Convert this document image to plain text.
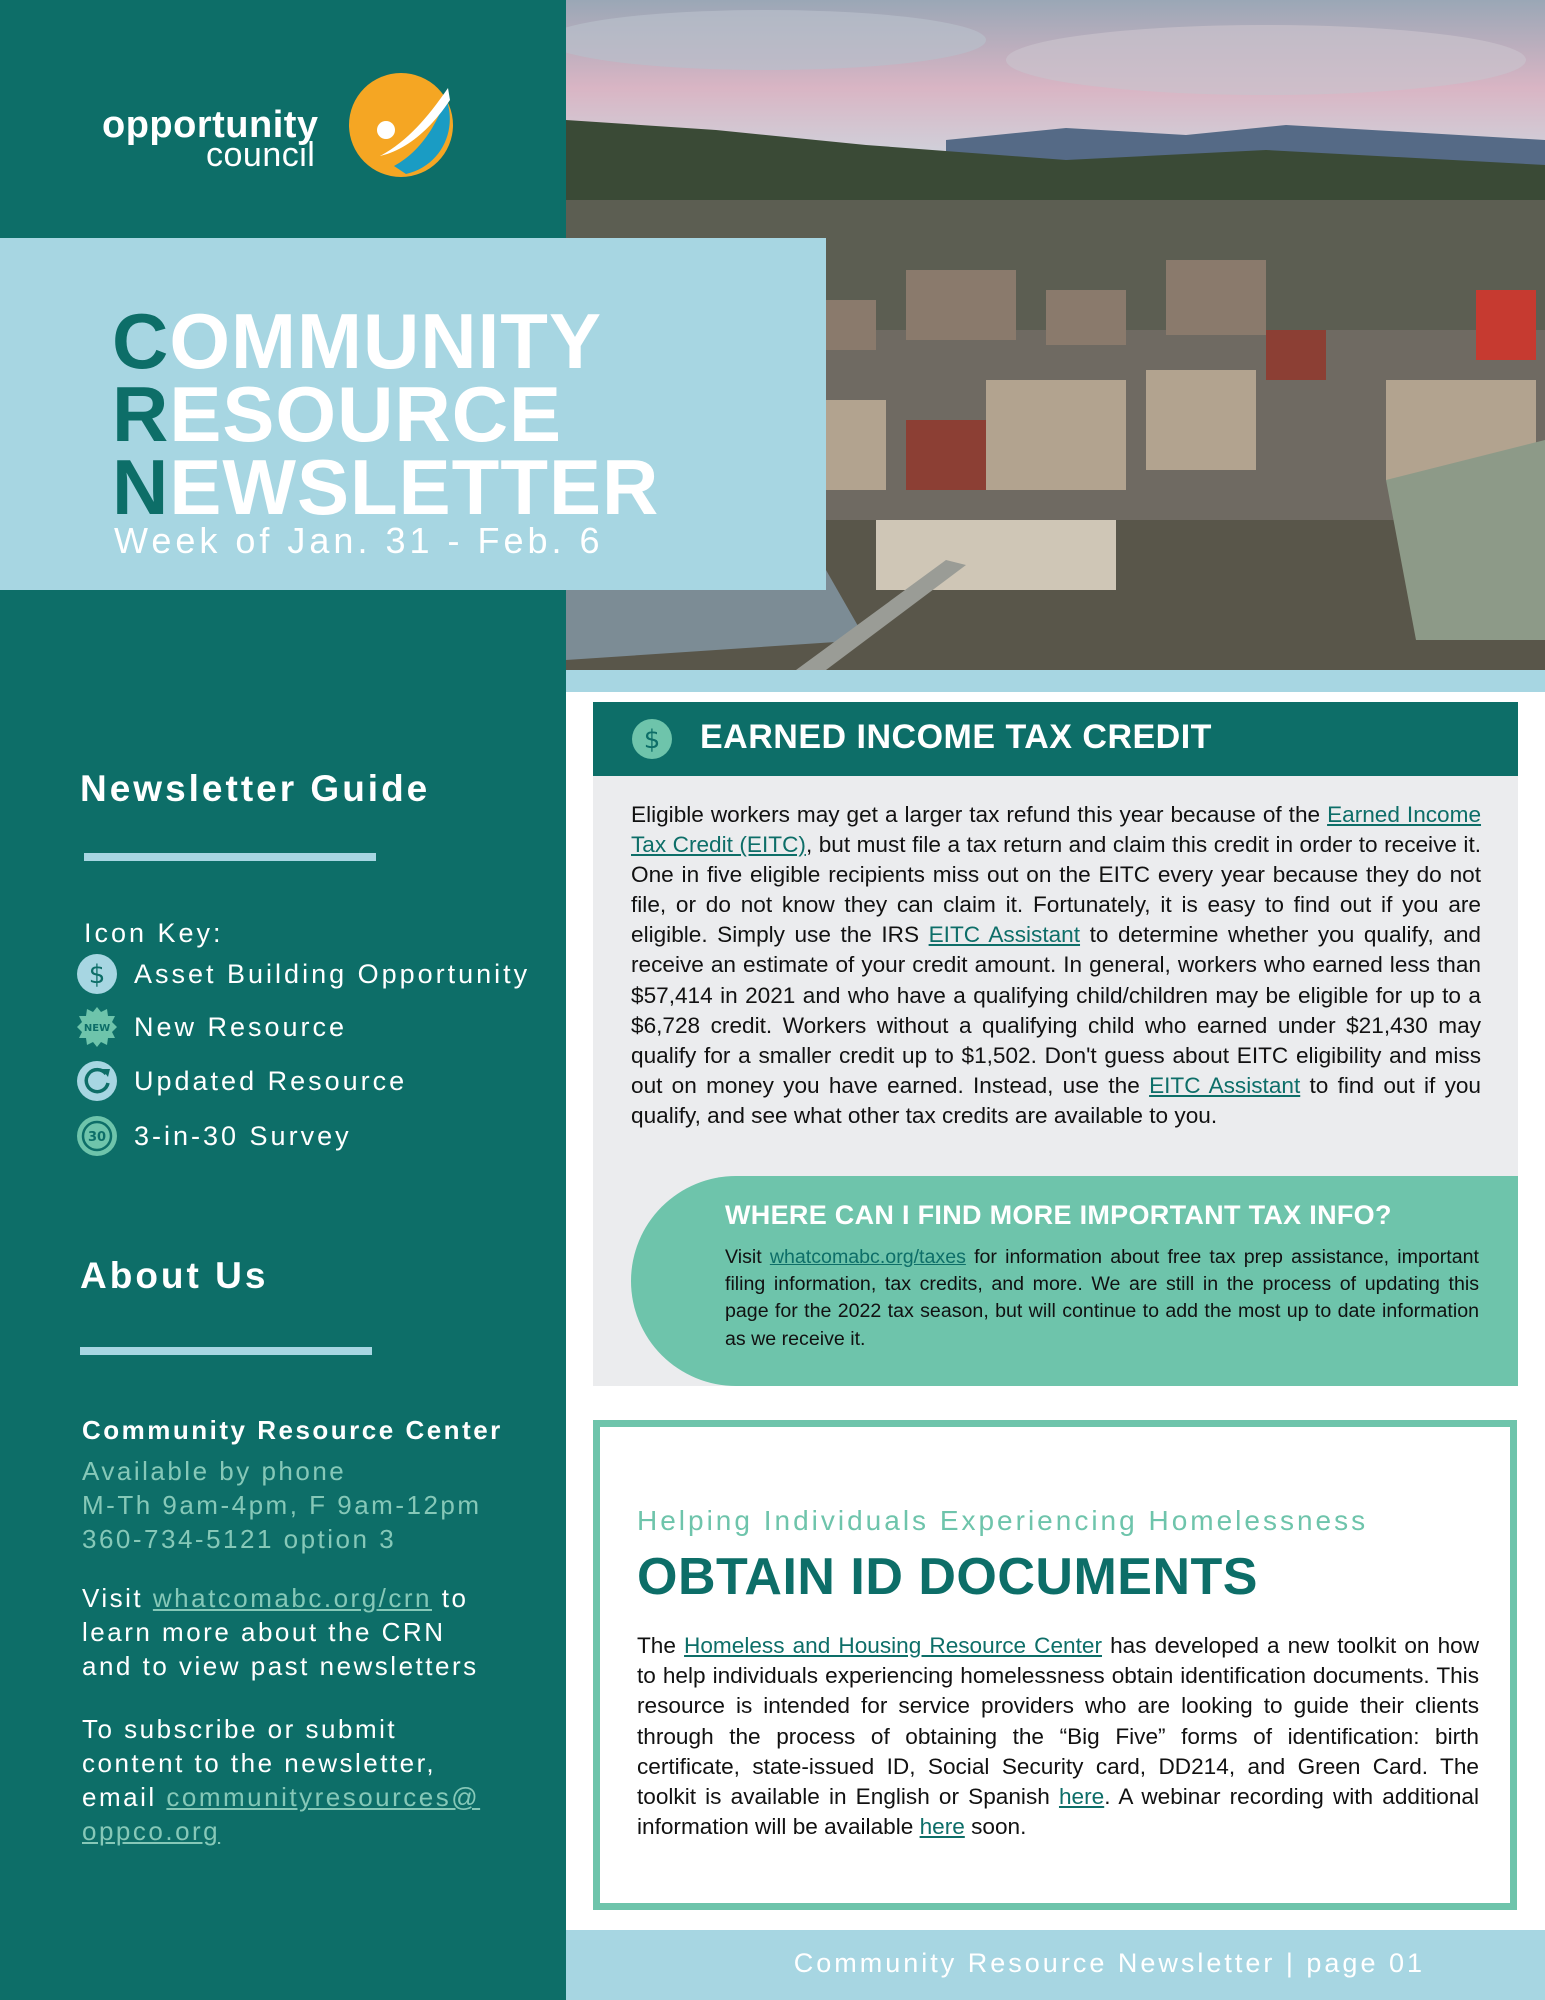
opportunity
council
Newsletter Guide
Icon Key:
$ Asset Building Opportunity
NEW New Resource
Updated Resource
30 3-in-30 Survey
About Us
Community Resource Center
Available by phone
M-Th 9am-4pm, F 9am-12pm
360-734-5121 option 3
Visit whatcomabc.org/crn to
learn more about the CRN
and to view past newsletters
To subscribe or submit
content to the newsletter,
email communityresources@
oppco.org
COMMUNITY
RESOURCE
NEWSLETTER
Week of Jan. 31 - Feb. 6
$ EARNED INCOME TAX CREDIT

Eligible workers may get a larger tax refund this year because of the Earned Income Tax Credit (EITC), but must file a tax return and claim this credit in order to receive it. One in five eligible recipients miss out on the EITC every year because they do not file, or do not know they can claim it. Fortunately, it is easy to find out if you are eligible. Simply use the IRS EITC Assistant to determine whether you qualify, and receive an estimate of your credit amount. In general, workers who earned less than $57,414 in 2021 and who have a qualifying child/children may be eligible for up to a $6,728 credit. Workers without a qualifying child who earned under $21,430 may qualify for a smaller credit up to $1,502. Don't guess about EITC eligibility and miss out on money you have earned. Instead, use the EITC Assistant to find out if you qualify, and see what other tax credits are available to you.

WHERE CAN I FIND MORE IMPORTANT TAX INFO?

Visit whatcomabc.org/taxes for information about free tax prep assistance, important filing information, tax credits, and more. We are still in the process of updating this page for the 2022 tax season, but will continue to add the most up to date information as we receive it.

Helping Individuals Experiencing Homelessness
OBTAIN ID DOCUMENTS

The Homeless and Housing Resource Center has developed a new toolkit on how to help individuals experiencing homelessness obtain identification documents. This resource is intended for service providers who are looking to guide their clients through the process of obtaining the “Big Five” forms of identification: birth certificate, state-issued ID, Social Security card, DD214, and Green Card. The toolkit is available in English or Spanish here. A webinar recording with additional information will be available here soon.

Community Resource Newsletter | page 01
